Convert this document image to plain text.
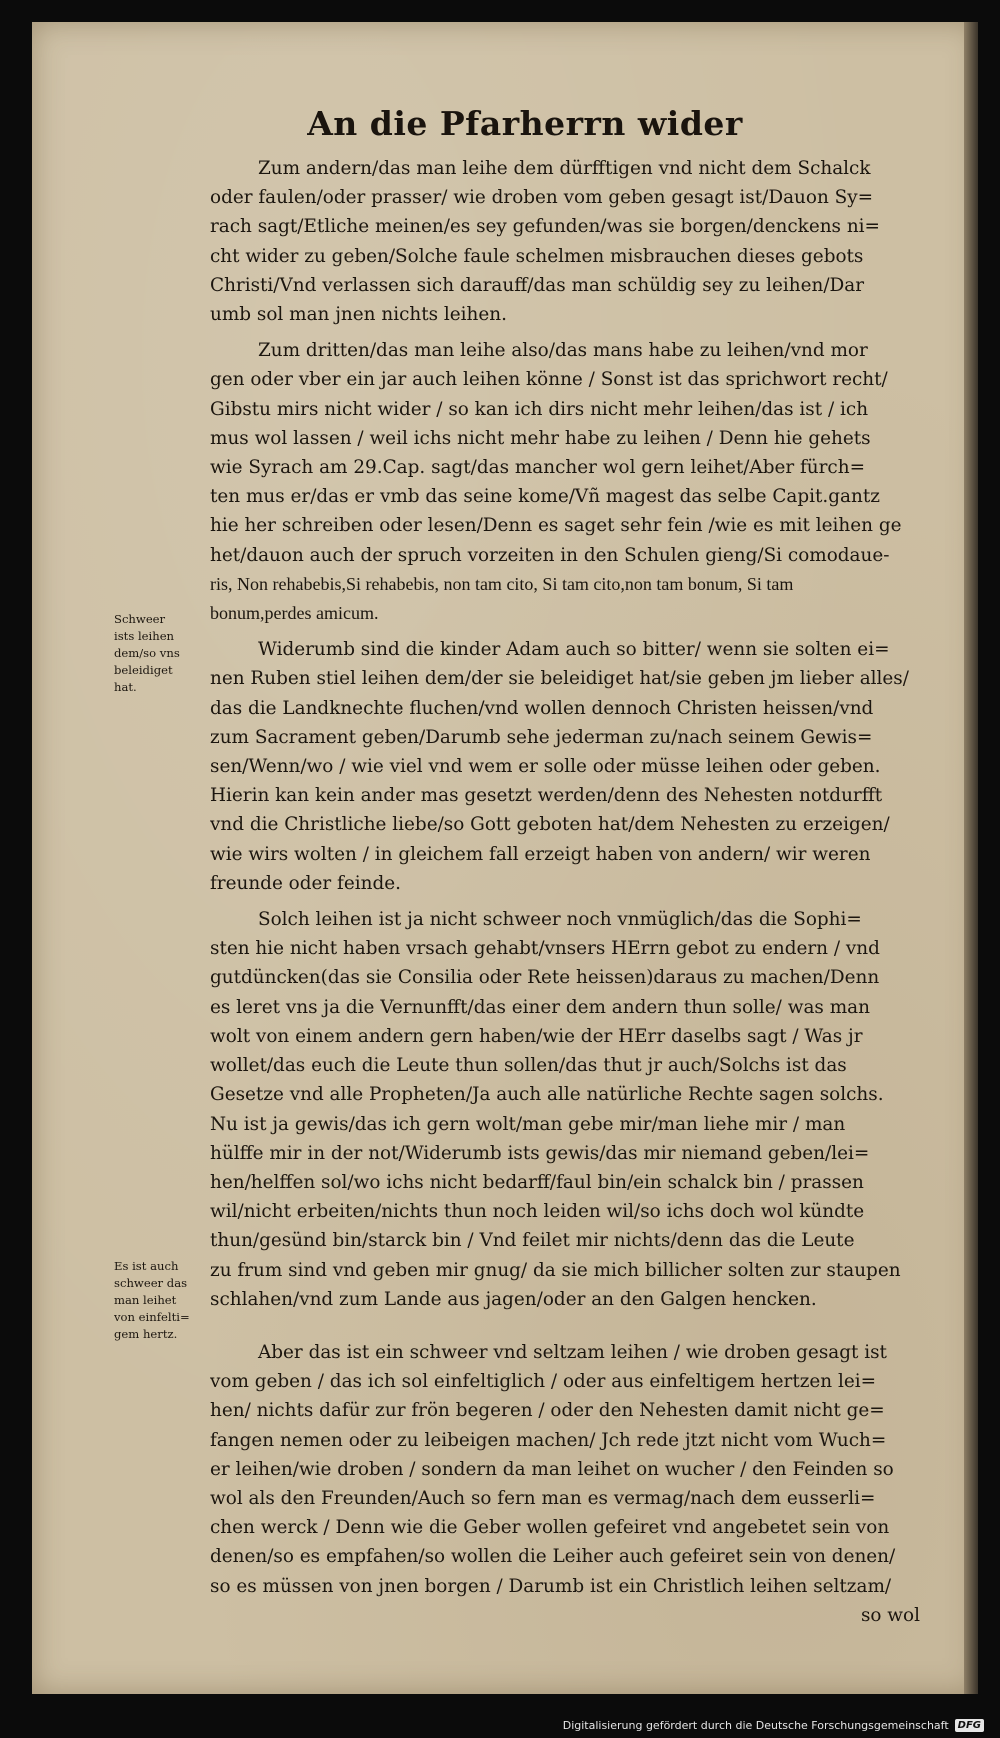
An die Pfarherrn wider
Schweer
ists leihen
dem/so vns
beleidiget
hat.
Es ist auch
schweer das
man leihet
von einfelti=
gem hertz.
Zum andern/das man leihe dem dürfftigen vnd nicht dem Schalck
oder faulen/oder prasser/ wie droben vom geben gesagt ist/Dauon Sy=
rach sagt/Etliche meinen/es sey gefunden/was sie borgen/denckens ni=
cht wider zu geben/Solche faule schelmen misbrauchen dieses gebots
Christi/Vnd verlassen sich darauff/das man schüldig sey zu leihen/Dar
umb sol man jnen nichts leihen.
Zum dritten/das man leihe also/das mans habe zu leihen/vnd mor
gen oder vber ein jar auch leihen könne / Sonst ist das sprichwort recht/
Gibstu mirs nicht wider / so kan ich dirs nicht mehr leihen/das ist / ich
mus wol lassen / weil ichs nicht mehr habe zu leihen / Denn hie gehets
wie Syrach am 29.Cap. sagt/das mancher wol gern leihet/Aber fürch=
ten mus er/das er vmb das seine kome/Vñ magest das selbe Capit.gantz
hie her schreiben oder lesen/Denn es saget sehr fein /wie es mit leihen ge
het/dauon auch der spruch vorzeiten in den Schulen gieng/Si comodaue-
ris, Non rehabebis,Si rehabebis, non tam cito, Si tam cito,non tam bonum, Si tam
bonum,perdes amicum.
Widerumb sind die kinder Adam auch so bitter/ wenn sie solten ei=
nen Ruben stiel leihen dem/der sie beleidiget hat/sie geben jm lieber alles/
das die Landknechte fluchen/vnd wollen dennoch Christen heissen/vnd
zum Sacrament geben/Darumb sehe jederman zu/nach seinem Gewis=
sen/Wenn/wo / wie viel vnd wem er solle oder müsse leihen oder geben.
Hierin kan kein ander mas gesetzt werden/denn des Nehesten notdurfft
vnd die Christliche liebe/so Gott geboten hat/dem Nehesten zu erzeigen/
wie wirs wolten / in gleichem fall erzeigt haben von andern/ wir weren
freunde oder feinde.
Solch leihen ist ja nicht schweer noch vnmüglich/das die Sophi=
sten hie nicht haben vrsach gehabt/vnsers HErrn gebot zu endern / vnd
gutdüncken(das sie Consilia oder Rete heissen)daraus zu machen/Denn
es leret vns ja die Vernunfft/das einer dem andern thun solle/ was man
wolt von einem andern gern haben/wie der HErr daselbs sagt / Was jr
wollet/das euch die Leute thun sollen/das thut jr auch/Solchs ist das
Gesetze vnd alle Propheten/Ja auch alle natürliche Rechte sagen solchs.
Nu ist ja gewis/das ich gern wolt/man gebe mir/man liehe mir / man
hülffe mir in der not/Widerumb ists gewis/das mir niemand geben/lei=
hen/helffen sol/wo ichs nicht bedarff/faul bin/ein schalck bin / prassen
wil/nicht erbeiten/nichts thun noch leiden wil/so ichs doch wol kündte
thun/gesünd bin/starck bin / Vnd feilet mir nichts/denn das die Leute
zu frum sind vnd geben mir gnug/ da sie mich billicher solten zur staupen
schlahen/vnd zum Lande aus jagen/oder an den Galgen hencken.
Aber das ist ein schweer vnd seltzam leihen / wie droben gesagt ist
vom geben / das ich sol einfeltiglich / oder aus einfeltigem hertzen lei=
hen/ nichts dafür zur frön begeren / oder den Nehesten damit nicht ge=
fangen nemen oder zu leibeigen machen/ Jch rede jtzt nicht vom Wuch=
er leihen/wie droben / sondern da man leihet on wucher / den Feinden so
wol als den Freunden/Auch so fern man es vermag/nach dem eusserli=
chen werck / Denn wie die Geber wollen gefeiret vnd angebetet sein von
denen/so es empfahen/so wollen die Leiher auch gefeiret sein von denen/
so es müssen von jnen borgen / Darumb ist ein Christlich leihen seltzam/
so wol
Digitalisierung gefördert durch die Deutsche Forschungsgemeinschaft DFG
